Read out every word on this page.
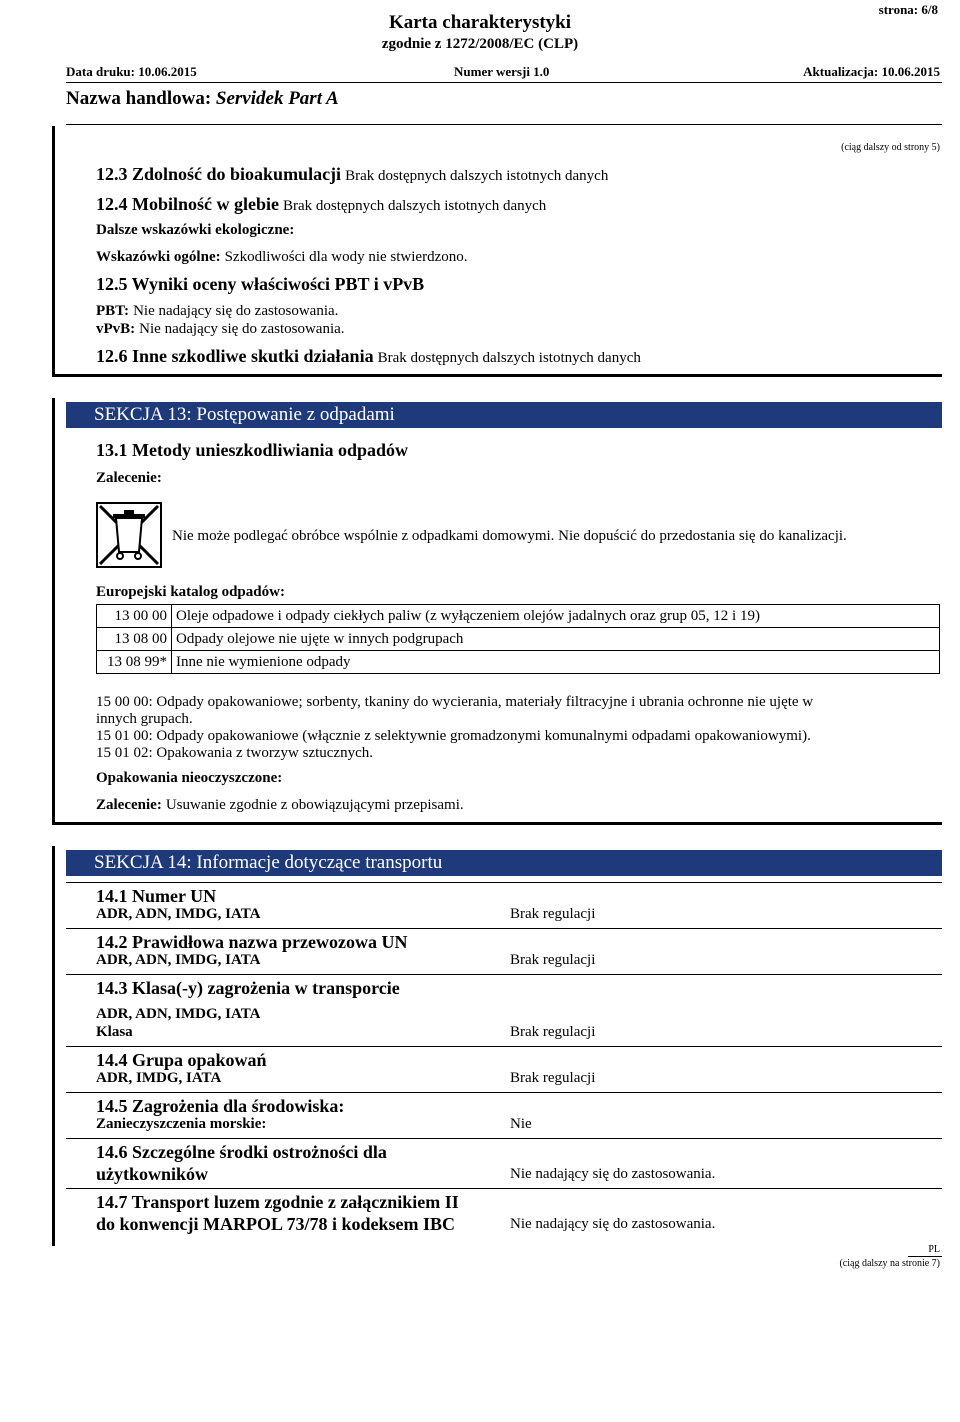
strona: 6/8
Karta charakterystyki
zgodnie z 1272/2008/EC (CLP)
Data druku: 10.06.2015	Numer wersji 1.0	Aktualizacja: 10.06.2015
Nazwa handlowa: Servidek Part A
(ciąg dalszy od strony 5)
12.3 Zdolność do bioakumulacji Brak dostępnych dalszych istotnych danych
12.4 Mobilność w glebie Brak dostępnych dalszych istotnych danych
Dalsze wskazówki ekologiczne:
Wskazówki ogólne: Szkodliwości dla wody nie stwierdzono.
12.5 Wyniki oceny właściwości PBT i vPvB
PBT: Nie nadający się do zastosowania.
vPvB: Nie nadający się do zastosowania.
12.6 Inne szkodliwe skutki działania Brak dostępnych dalszych istotnych danych
SEKCJA 13: Postępowanie z odpadami
13.1 Metody unieszkodliwiania odpadów
Zalecenie:
Nie może podlegać obróbce wspólnie z odpadkami domowymi. Nie dopuścić do przedostania się do kanalizacji.
Europejski katalog odpadów:
13 00 00	Oleje odpadowe i odpady ciekłych paliw (z wyłączeniem olejów jadalnych oraz grup 05, 12 i 19)
13 08 00	Odpady olejowe nie ujęte w innych podgrupach
13 08 99*	Inne nie wymienione odpady
15 00 00: Odpady opakowaniowe; sorbenty, tkaniny do wycierania, materiały filtracyjne i ubrania ochronne nie ujęte w
innych grupach.
15 01 00: Odpady opakowaniowe (włącznie z selektywnie gromadzonymi komunalnymi odpadami opakowaniowymi).
15 01 02: Opakowania z tworzyw sztucznych.
Opakowania nieoczyszczone:
Zalecenie: Usuwanie zgodnie z obowiązującymi przepisami.
SEKCJA 14: Informacje dotyczące transportu
14.1 Numer UN
ADR, ADN, IMDG, IATA	Brak regulacji
14.2 Prawidłowa nazwa przewozowa UN
ADR, ADN, IMDG, IATA	Brak regulacji
14.3 Klasa(-y) zagrożenia w transporcie
ADR, ADN, IMDG, IATA
Klasa	Brak regulacji
14.4 Grupa opakowań
ADR, IMDG, IATA	Brak regulacji
14.5 Zagrożenia dla środowiska:
Zanieczyszczenia morskie:	Nie
14.6 Szczególne środki ostrożności dla
użytkowników	Nie nadający się do zastosowania.
14.7 Transport luzem zgodnie z załącznikiem II
do konwencji MARPOL 73/78 i kodeksem IBC	Nie nadający się do zastosowania.
PL
(ciąg dalszy na stronie 7)
